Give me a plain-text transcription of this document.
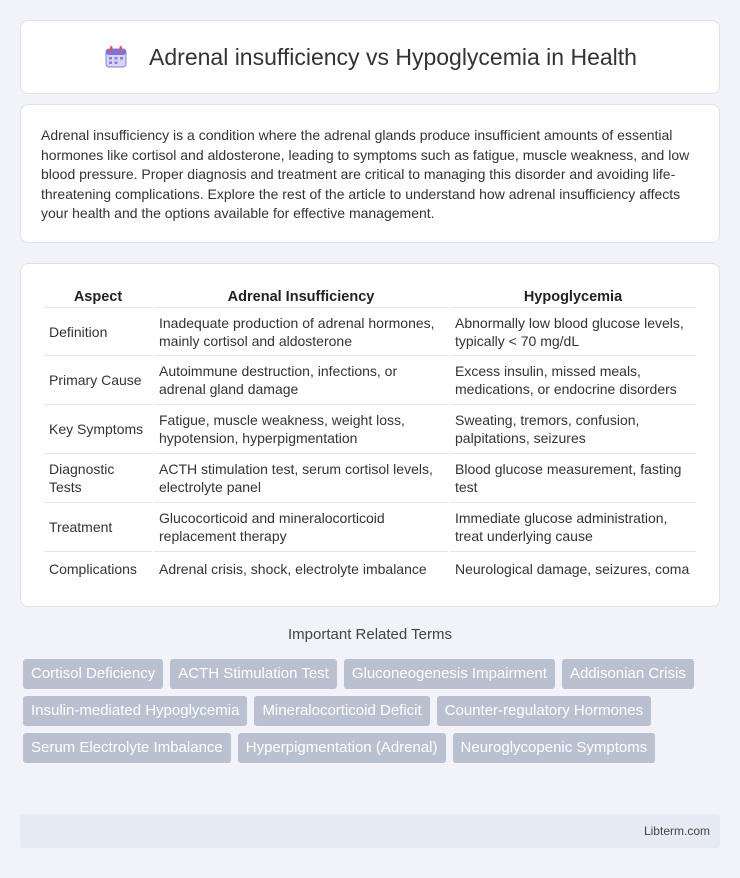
Adrenal insufficiency vs Hypoglycemia in Health

Adrenal insufficiency is a condition where the adrenal glands produce insufficient amounts of essential hormones like cortisol and aldosterone, leading to symptoms such as fatigue, muscle weakness, and low blood pressure. Proper diagnosis and treatment are critical to managing this disorder and avoiding life-threatening complications. Explore the rest of the article to understand how adrenal insufficiency affects your health and the options available for effective management.

Aspect	Adrenal Insufficiency	Hypoglycemia
Definition	Inadequate production of adrenal hormones, mainly cortisol and aldosterone	Abnormally low blood glucose levels, typically < 70 mg/dL
Primary Cause	Autoimmune destruction, infections, or adrenal gland damage	Excess insulin, missed meals, medications, or endocrine disorders
Key Symptoms	Fatigue, muscle weakness, weight loss, hypotension, hyperpigmentation	Sweating, tremors, confusion, palpitations, seizures
Diagnostic Tests	ACTH stimulation test, serum cortisol levels, electrolyte panel	Blood glucose measurement, fasting test
Treatment	Glucocorticoid and mineralocorticoid replacement therapy	Immediate glucose administration, treat underlying cause
Complications	Adrenal crisis, shock, electrolyte imbalance	Neurological damage, seizures, coma
Important Related Terms
Cortisol Deficiency	ACTH Stimulation Test	Gluconeogenesis Impairment	Addisonian Crisis
Insulin-mediated Hypoglycemia	Mineralocorticoid Deficit	Counter-regulatory Hormones
Serum Electrolyte Imbalance	Hyperpigmentation (Adrenal)	Neuroglycopenic Symptoms
Libterm.com
